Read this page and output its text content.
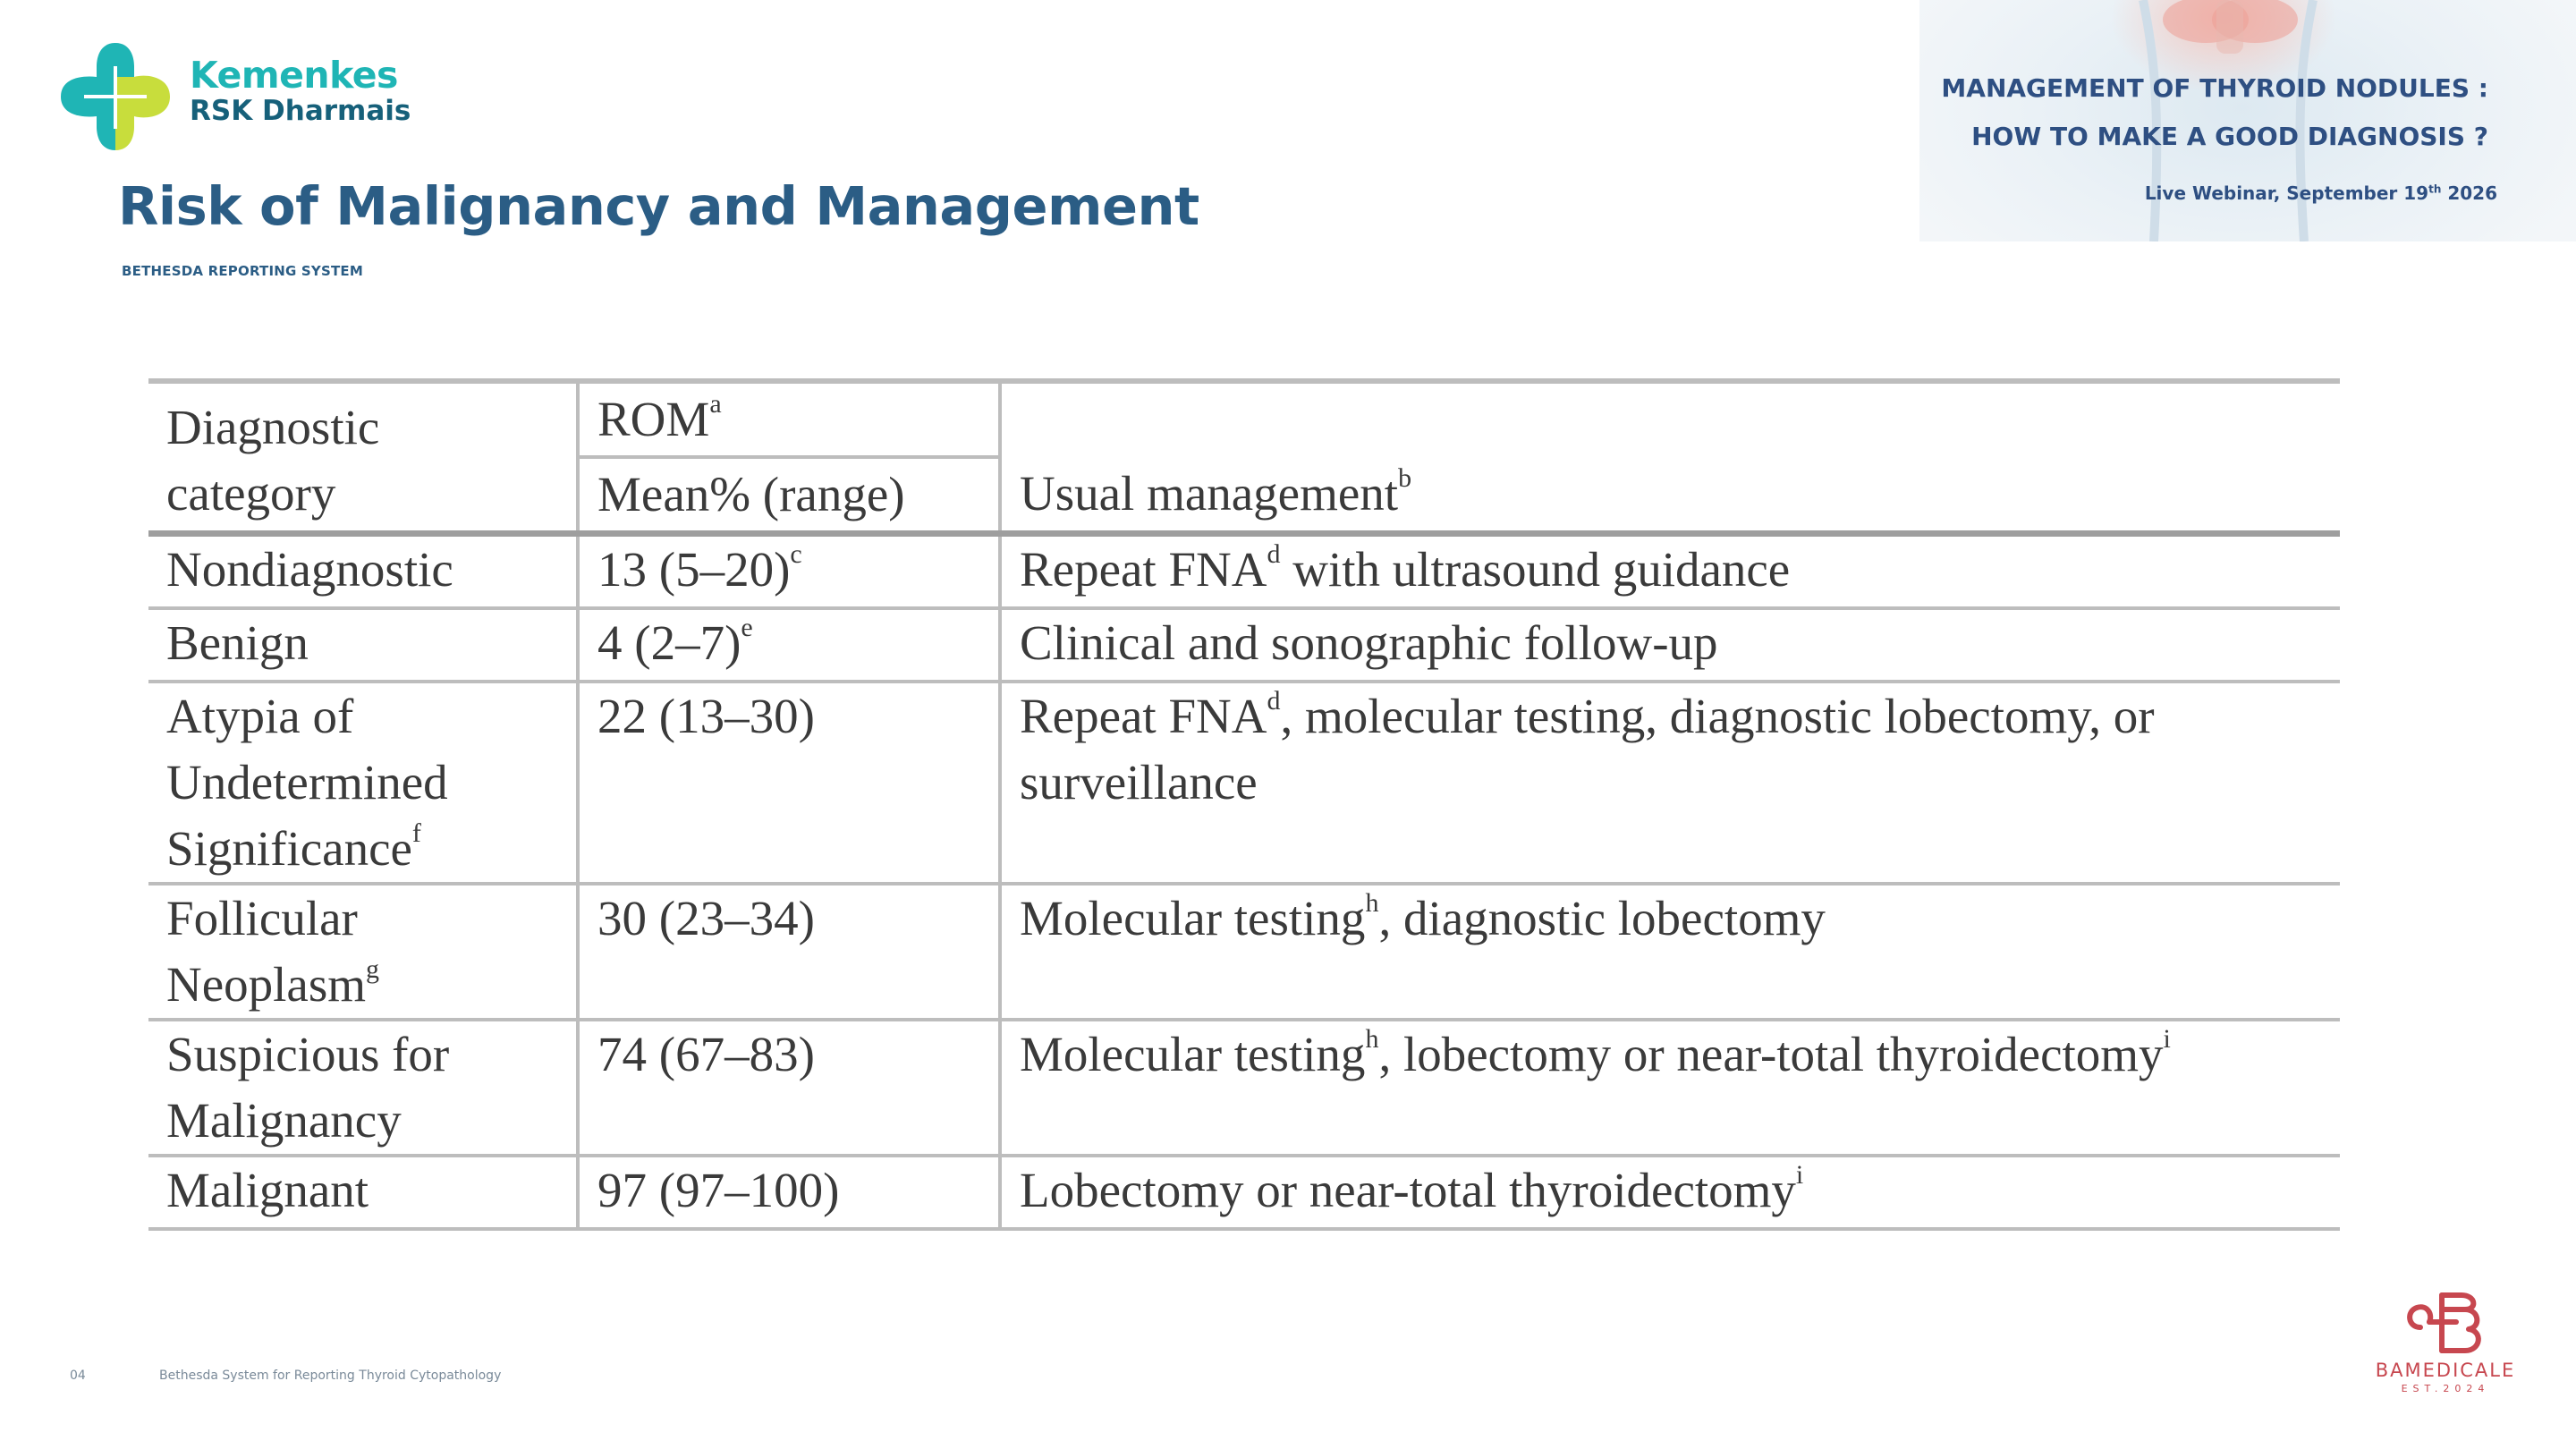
Kemenkes
RSK Dharmais
Risk of Malignancy and Management
BETHESDA REPORTING SYSTEM
MANAGEMENT OF THYROID NODULES :
HOW TO MAKE A GOOD DIAGNOSIS ?
Live Webinar, September 19th 2026
Diagnostic category	ROM$^a$	Usual management$^b$
	Mean% (range)	
Nondiagnostic	13 $(5-20)^c$	Repeat FNA$^d$ with ultrasound guidance
Benign	4 $(2-7)^e$	Clinical and sonographic follow-up
Atypia of Undetermined Significance$^f$	22 (13–30)	Repeat FNA$^d$, molecular testing, diagnostic lobectomy, or surveillance
Follicular Neoplasm$^g$	30 (23–34)	Molecular testing$^h$, diagnostic lobectomy
Suspicious for Malignancy	74 (67–83)	Molecular testing$^h$, lobectomy or near-total thyroidectomy$^i$
Malignant	97 (97–100)	Lobectomy or near-total thyroidectomy$^i$
04	Bethesda System for Reporting Thyroid Cytopathology	BAMEDICALE
EST.2024
